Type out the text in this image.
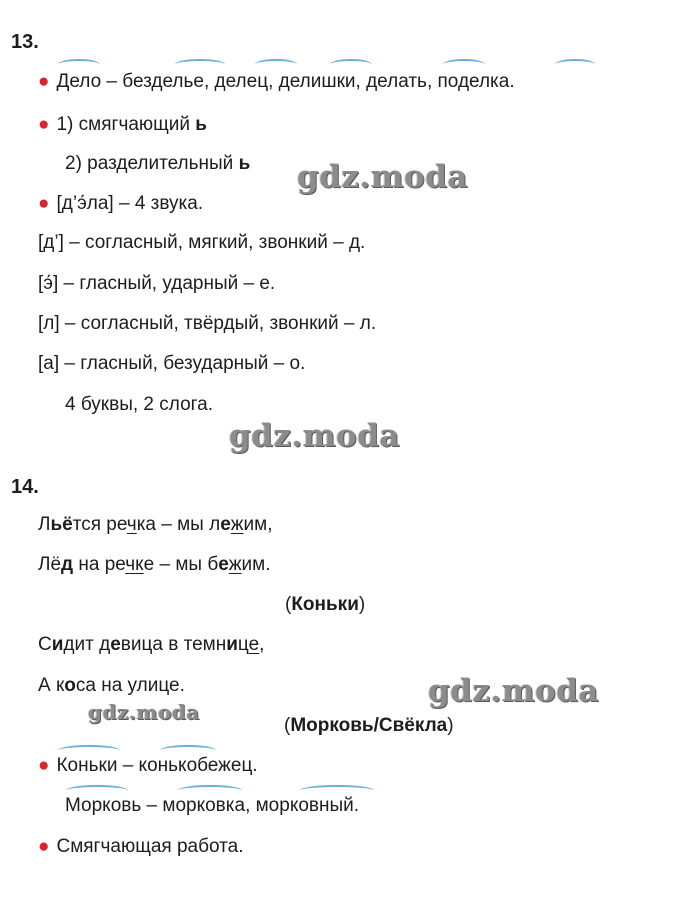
13.
● Дело – безделье, делец, делишки, делать, поделка.
● 1) смягчающий ь
2) разделительный ь gdz.moda
● [д’э́ла] – 4 звука.
[д’] – согласный, мягкий, звонкий – д.
[э́] – гласный, ударный – е.
[л] – согласный, твёрдый, звонкий – л.
[а] – гласный, безударный – о.
4 буквы, 2 слога.
gdz.moda
14.
Льётся речка – мы лежим,
Лёд на речке – мы бежим.
(Коньки)
Сидит девица в темнице,
А коса на улице.	gdz.moda
gdz.moda
(Морковь/Свёкла)
● Коньки – конькобежец.
Морковь – морковка, морковный.
● Смягчающая работа.
